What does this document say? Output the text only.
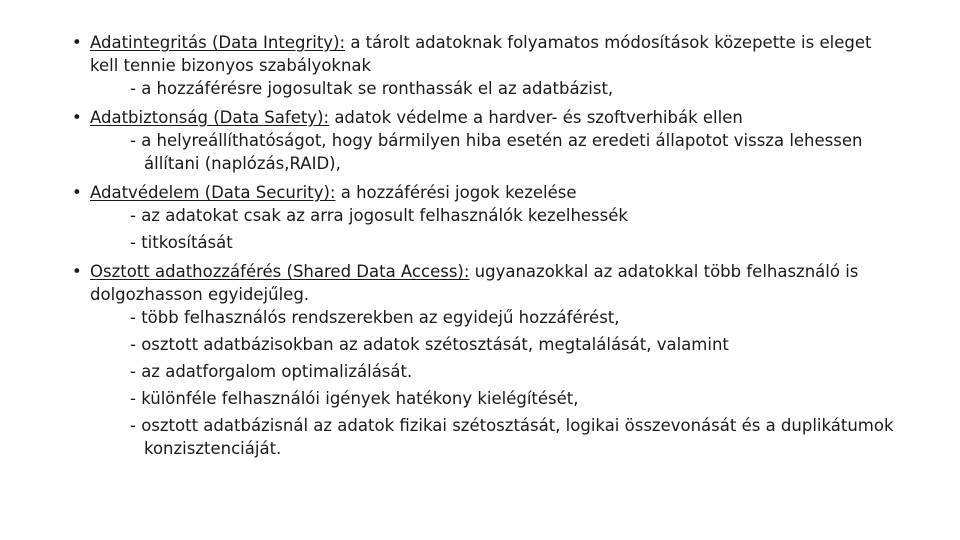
• Adatintegritás (Data Integrity): a tárolt adatoknak folyamatos módosítások közepette is eleget kell tennie bizonyos szabályoknak

- a hozzáférésre jogosultak se ronthassák el az adatbázist,

• Adatbiztonság (Data Safety): adatok védelme a hardver- és szoftverhibák ellen

- a helyreállíthatóságot, hogy bármilyen hiba esetén az eredeti állapotot vissza lehessen állítani (naplózás,RAID),

• Adatvédelem (Data Security): a hozzáférési jogok kezelése

- az adatokat csak az arra jogosult felhasználók kezelhessék

- titkosítását

• Osztott adathozzáférés (Shared Data Access): ugyanazokkal az adatokkal több felhasználó is dolgozhasson egyidejűleg.

- több felhasználós rendszerekben az egyidejű hozzáférést,

- osztott adatbázisokban az adatok szétosztását, megtalálását, valamint

- az adatforgalom optimalizálását.

- különféle felhasználói igények hatékony kielégítését,

- osztott adatbázisnál az adatok fizikai szétosztását, logikai összevonását és a duplikátumok konzisztenciáját.
